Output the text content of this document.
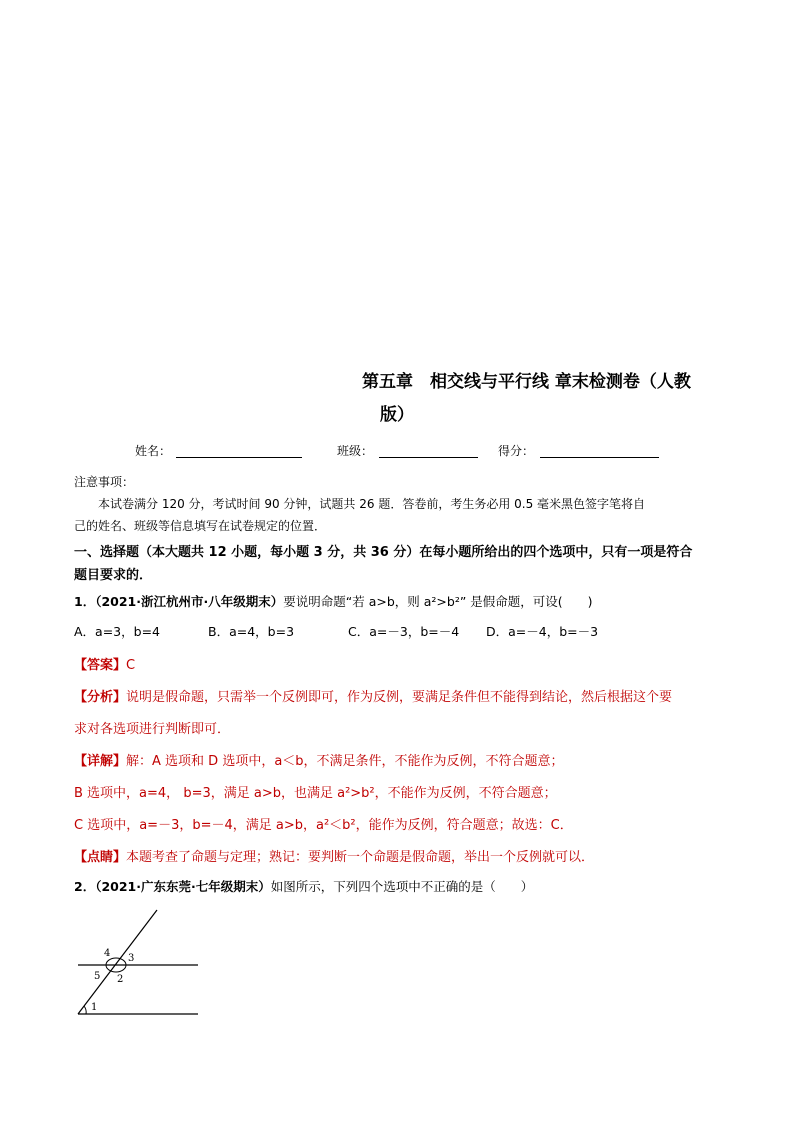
第五章　相交线与平行线 章末检测卷（人教
版）
姓名：	班级：	得分：
注意事项：
本试卷满分 120 分，考试时间 90 分钟，试题共 26 题．答卷前，考生务必用 0.5 毫米黑色签字笔将自
己的姓名、班级等信息填写在试卷规定的位置．
一、选择题（本大题共 12 小题，每小题 3 分，共 36 分）在每小题所给出的四个选项中，只有一项是符合
题目要求的．
1．（2021·浙江杭州市·八年级期末）要说明命题“若 a>b，则 a²>b²” 是假命题，可设(　　)
A．a=3，b=4	B．a=4，b=3	C．a=－3，b=－4 D．a=－4，b=－3
【答案】C
【分析】说明是假命题，只需举一个反例即可，作为反例，要满足条件但不能得到结论，然后根据这个要
求对各选项进行判断即可．
【详解】解：A 选项和 D 选项中，a＜b，不满足条件，不能作为反例，不符合题意；
B 选项中，a=4， b=3，满足 a>b，也满足 a²>b²，不能作为反例，不符合题意；
C 选项中，a=－3，b=－4，满足 a>b，a²＜b²，能作为反例，符合题意；故选：C．
【点睛】本题考查了命题与定理；熟记：要判断一个命题是假命题，举出一个反例就可以．
2．（2021·广东东莞·七年级期末）如图所示，下列四个选项中不正确的是（　　）
4 3
5 2
1
